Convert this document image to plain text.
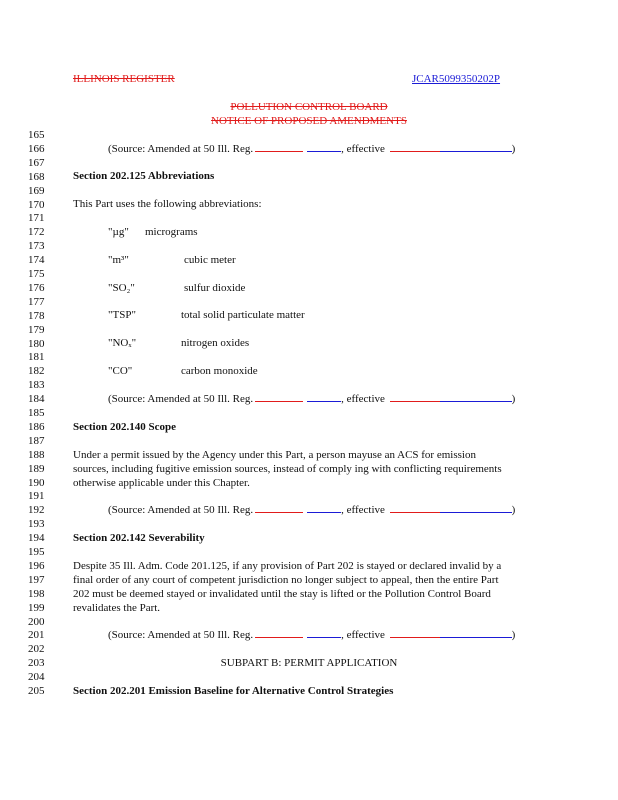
ILLINOIS REGISTER	JCAR5099350202P
POLLUTION CONTROL BOARD
NOTICE OF PROPOSED AMENDMENTS
165
166
167
168
169
170
171
172
173
174
175
176
177
178
179
180
181
182
183
184
185
186
187
188
189
190
191
192
193
194
195
196
197
198
199
200
201
202
203
204
205
(Source: Amended at 50 Ill. Reg.	, effective	)
Section 202.125 Abbreviations
This Part uses the following abbreviations:
"µg" micrograms
"m³"	cubic meter
"SO₂"	sulfur dioxide
"TSP"	total solid particulate matter
"NOₓ"	nitrogen oxides
"CO"	carbon monoxide
(Source: Amended at 50 Ill. Reg.	, effective	)
Section 202.140 Scope
Under a permit issued by the Agency under this Part, a person mayuse an ACS for emission
sources, including fugitive emission sources, instead of comply ing with conflicting requirements
otherwise applicable under this Chapter.
(Source: Amended at 50 Ill. Reg.	, effective	)
Section 202.142 Severability
Despite 35 Ill. Adm. Code 201.125, if any provision of Part 202 is stayed or declared invalid by a
final order of any court of competent jurisdiction no longer subject to appeal, then the entire Part
202 must be deemed stayed or invalidated until the stay is lifted or the Pollution Control Board
revalidates the Part.
(Source: Amended at 50 Ill. Reg.	, effective	)
SUBPART B: PERMIT APPLICATION
Section 202.201 Emission Baseline for Alternative Control Strategies
